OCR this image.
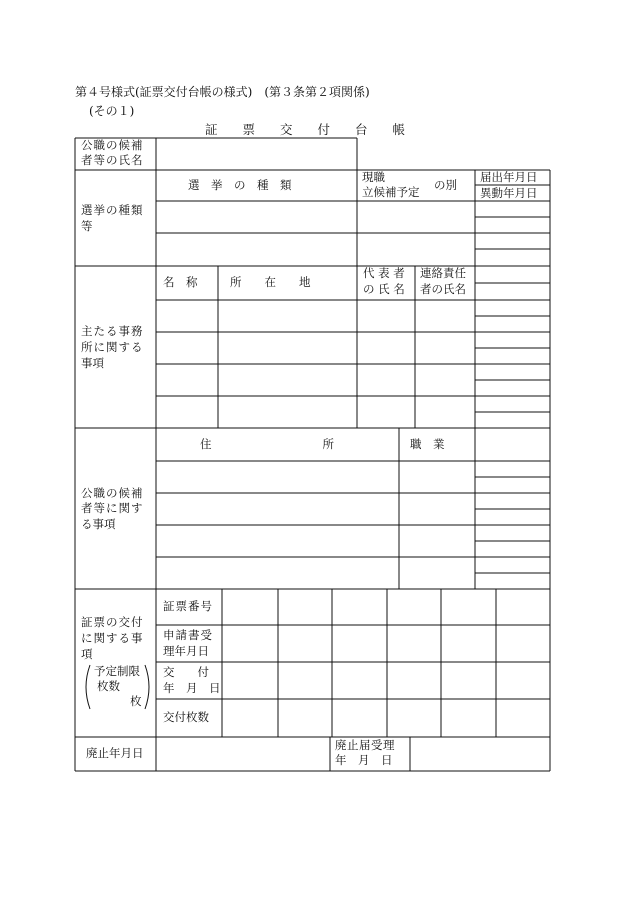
第４号様式(証票交付台帳の様式)　(第３条第２項関係)
(その１)
証　　票　　交　　付　　台　　帳
公職の候補
者等の氏名
選挙の種類
等
選　挙　の　種　類
現職
立候補予定 の別
届出年月日
異動年月日
主たる事務
所に関する
事項
名　称	所　　在　　地
代 表 者
の 氏 名
連絡責任
者の氏名
公職の候補
者等に関す
る事項
住　　　　　　所	職　業
証票の交付
に関する事
項
予定制限
枚数
枚
証票番号
申請書受
理年月日
交　　付
年　月　日
交付枚数
廃止年月日
廃止届受理
年　月　日
